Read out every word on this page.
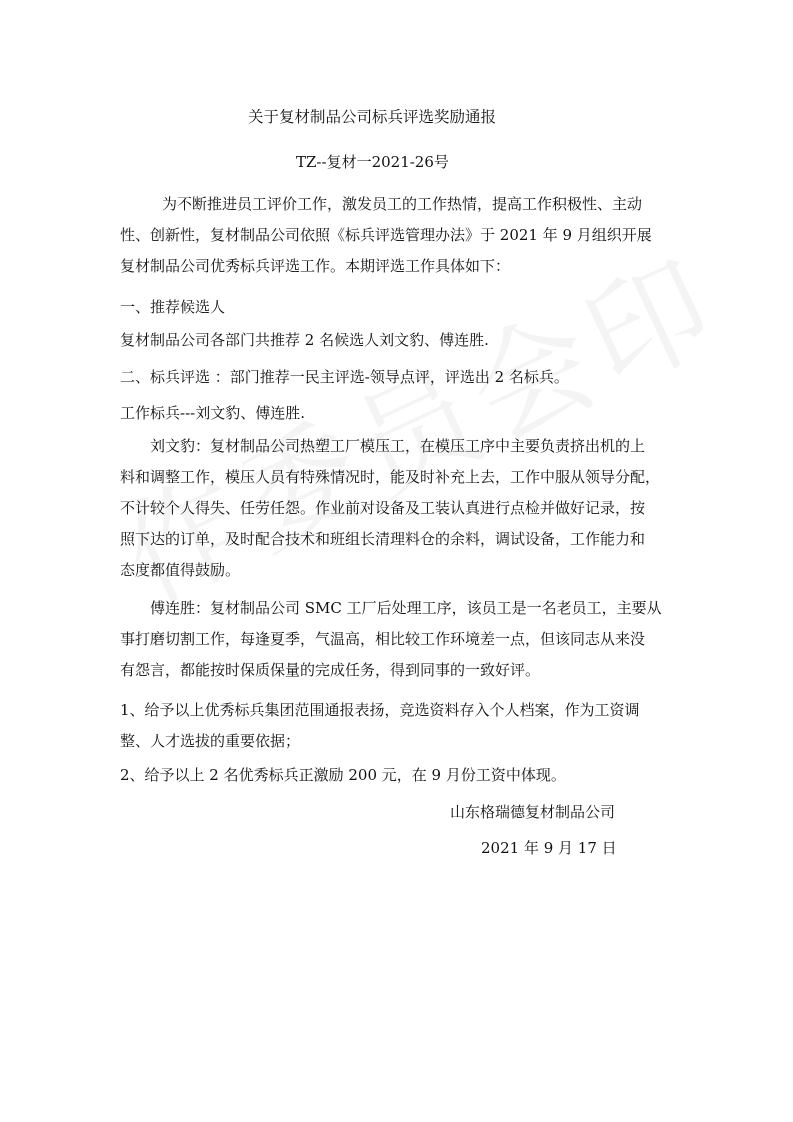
关于复材制品公司标兵评选奖励通报
TZ--复材一2021-26号
为不断推进员工评价工作，激发员工的工作热情，提高工作积极性、主动
性、创新性，复材制品公司依照《标兵评选管理办法》于 2021 年 9 月组织开展
复材制品公司优秀标兵评选工作。本期评选工作具体如下：
一、推荐候选人
复材制品公司各部门共推荐 2 名候选人刘文豹、傅连胜.
二、标兵评选 ：部门推荐一民主评选-领导点评，评选出 2 名标兵。
工作标兵---刘文豹、傅连胜.
刘文豹：复材制品公司热塑工厂模压工，在模压工序中主要负责挤出机的上
料和调整工作，模压人员有特殊情况时，能及时补充上去，工作中服从领导分配，
不计较个人得失、任劳任怨。作业前对设备及工装认真进行点检并做好记录，按
照下达的订单，及时配合技术和班组长清理料仓的余料，调试设备，工作能力和
态度都值得鼓励。
傅连胜：复材制品公司 SMC 工厂后处理工序，该员工是一名老员工，主要从
事打磨切割工作，每逢夏季，气温高，相比较工作环境差一点，但该同志从来没
有怨言，都能按时保质保量的完成任务，得到同事的一致好评。
1、给予以上优秀标兵集团范围通报表扬，竞选资料存入个人档案，作为工资调
整、人才选拔的重要依据；
2、给予以上 2 名优秀标兵正激励 200 元，在 9 月份工资中体现。
山东格瑞德复材制品公司
2021 年 9 月 17 日
